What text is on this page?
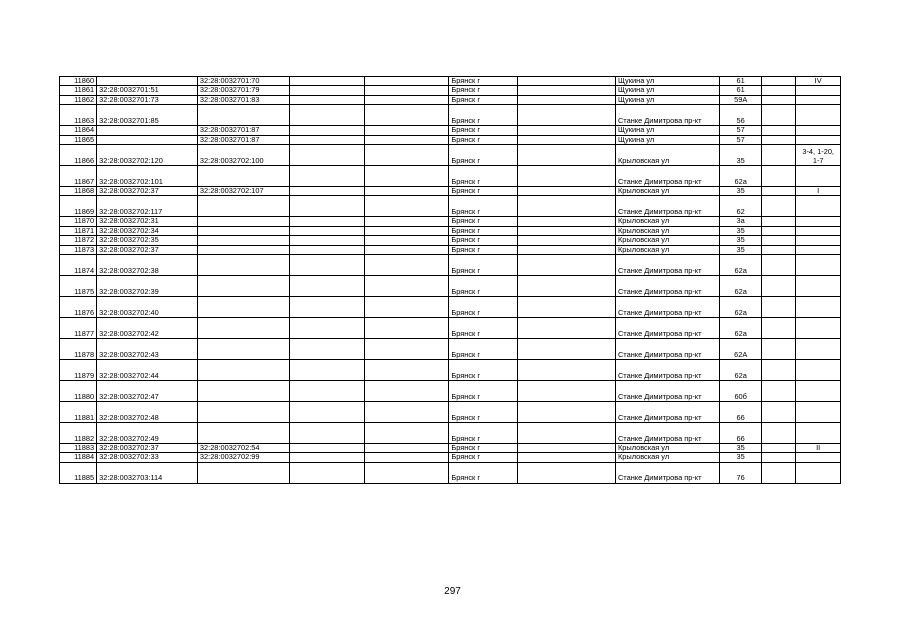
11860		32:28:0032701:70			Брянск г		Щукина ул	61		IV
11861	32:28:0032701:51	32:28:0032701:79			Брянск г		Щукина ул	61		
11862	32:28:0032701:73	32:28:0032701:83			Брянск г		Щукина ул	59А		
11863	32:28:0032701:85				Брянск г		Станке Димитрова пр-кт	56		
11864		32:28:0032701:87			Брянск г		Щукина ул	57		
11865		32:28:0032701:87			Брянск г		Щукина ул	57		
11866	32:28:0032702:120	32:28:0032702:100			Брянск г		Крыловская ул	35		3-4, 1-20, 1-7
11867	32:28:0032702:101				Брянск г		Станке Димитрова пр-кт	62а		
11868	32:28:0032702:37	32:28:0032702:107			Брянск г		Крыловская ул	35		I
11869	32:28:0032702:117				Брянск г		Станке Димитрова пр-кт	62		
11870	32:28:0032702:31				Брянск г		Крыловская ул	3а		
11871	32:28:0032702:34				Брянск г		Крыловская ул	35		
11872	32:28:0032702:35				Брянск г		Крыловская ул	35		
11873	32:28:0032702:37				Брянск г		Крыловская ул	35		
11874	32:28:0032702:38				Брянск г		Станке Димитрова пр-кт	62а		
11875	32:28:0032702:39				Брянск г		Станке Димитрова пр-кт	62а		
11876	32:28:0032702:40				Брянск г		Станке Димитрова пр-кт	62а		
11877	32:28:0032702:42				Брянск г		Станке Димитрова пр-кт	62а		
11878	32:28:0032702:43				Брянск г		Станке Димитрова пр-кт	62А		
11879	32:28:0032702:44				Брянск г		Станке Димитрова пр-кт	62а		
11880	32:28:0032702:47				Брянск г		Станке Димитрова пр-кт	60б		
11881	32:28:0032702:48				Брянск г		Станке Димитрова пр-кт	66		
11882	32:28:0032702:49				Брянск г		Станке Димитрова пр-кт	66		
11883	32:28:0032702:37	32:28:0032702:54			Брянск г		Крыловская ул	35		II
11884	32:28:0032702:33	32:28:0032702:99			Брянск г		Крыловская ул	35		
11885	32:28:0032703:114				Брянск г		Станке Димитрова пр-кт	76		
297
